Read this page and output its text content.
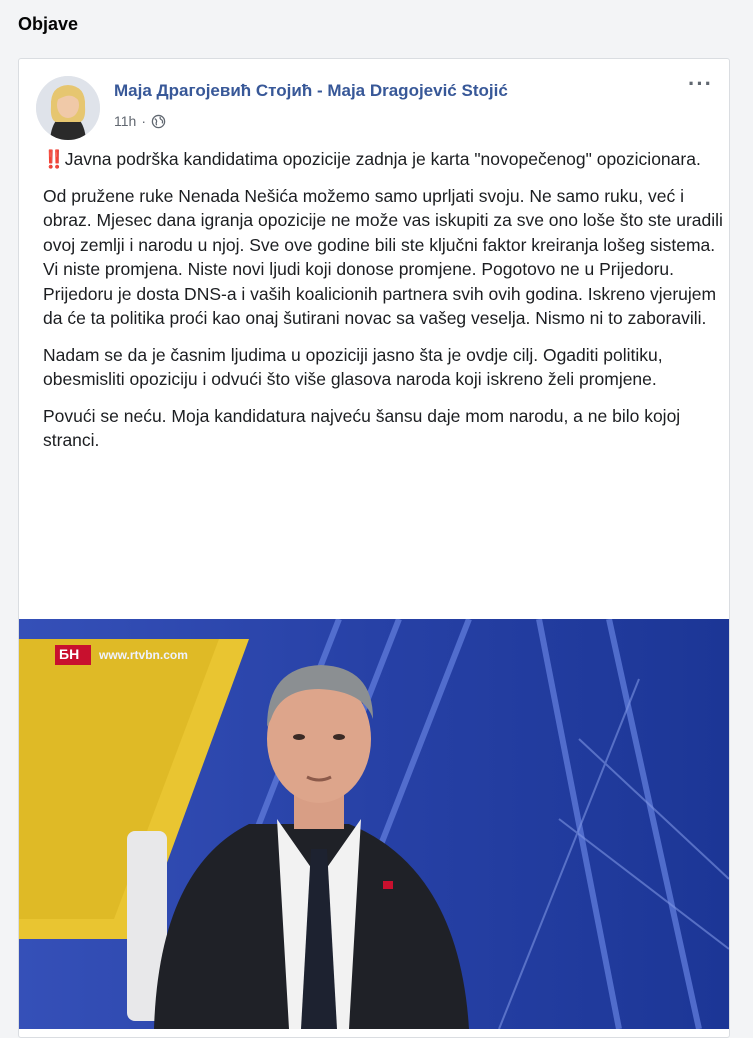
Objave
Maja Драгојевић Стојић - Maja Dragojević Stojić
11h ·
···

‼️ Javna podrška kandidatima opozicije zadnja je karta "novopečenog" opozicionara.

Od pružene ruke Nenada Nešića možemo samo uprljati svoju. Ne samo ruku, već i obraz. Mjesec dana igranja opozicije ne može vas iskupiti za sve ono loše što ste uradili ovoj zemlji i narodu u njoj. Sve ove godine bili ste ključni faktor kreiranja lošeg sistema. Vi niste promjena. Niste novi ljudi koji donose promjene. Pogotovo ne u Prijedoru. Prijedoru je dosta DNS-a i vaših koalicionih partnera svih ovih godina. Iskreno vjerujem da će ta politika proći kao onaj šutirani novac sa vašeg veselja. Nismo ni to zaboravili.

Nadam se da je časnim ljudima u opoziciji jasno šta je ovdje cilj. Ogaditi politiku, obesmisliti opoziciju i odvući što više glasova naroda koji iskreno želi promjene.

Povući se neću. Moja kandidatura najveću šansu daje mom narodu, a ne bilo kojoj stranci.

БН www.rtvbn.com
